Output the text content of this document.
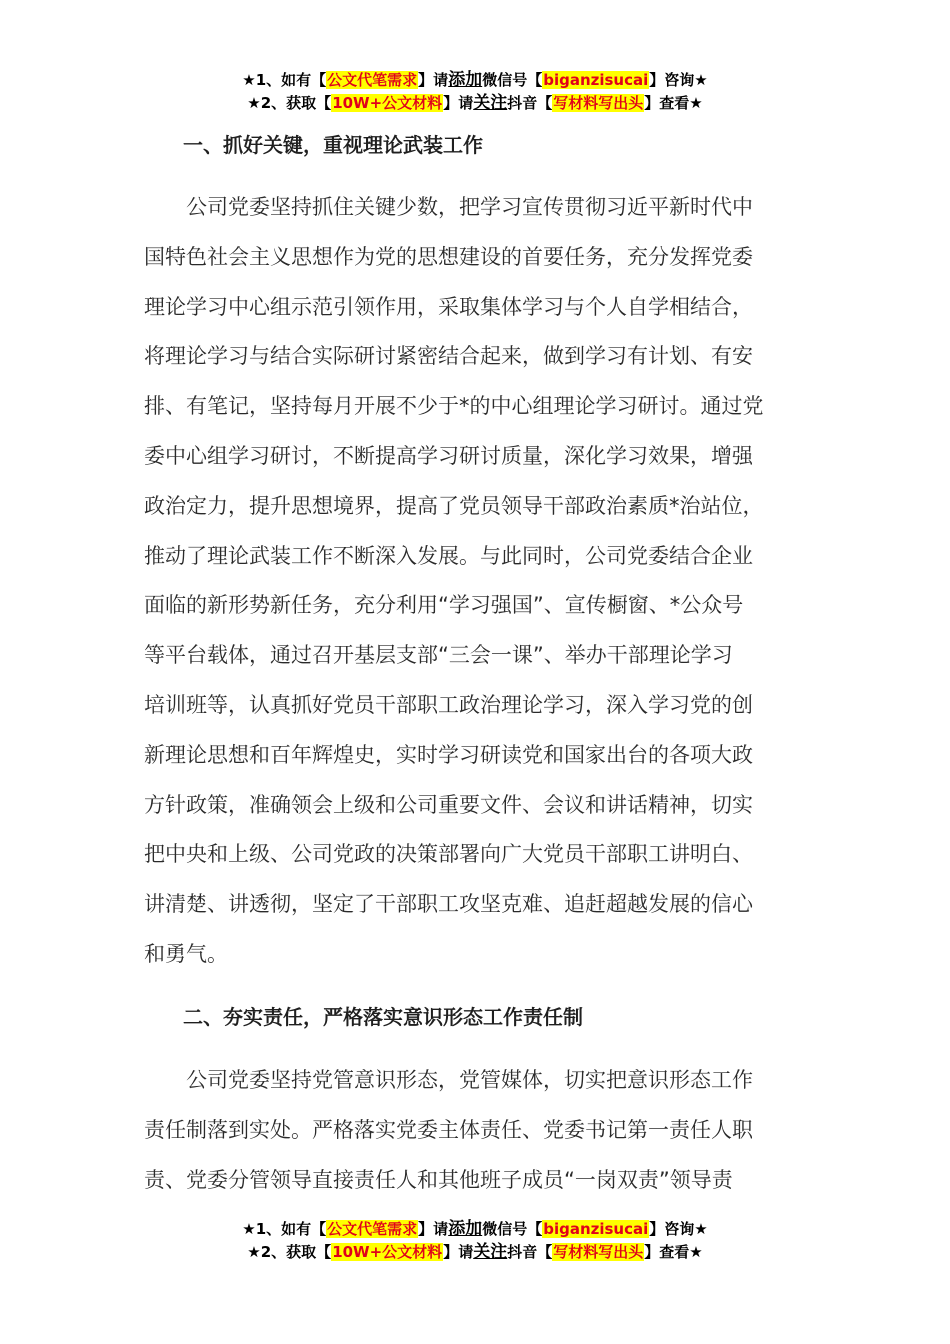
★1、如有【公文代笔需求】请添加微信号【biganzisucai】咨询★
★2、获取【10W+公文材料】请关注抖音【写材料写出头】查看★
一、抓好关键，重视理论武装工作
公司党委坚持抓住关键少数，把学习宣传贯彻习近平新时代中
国特色社会主义思想作为党的思想建设的首要任务，充分发挥党委
理论学习中心组示范引领作用，采取集体学习与个人自学相结合，
将理论学习与结合实际研讨紧密结合起来，做到学习有计划、有安
排、有笔记，坚持每月开展不少于*的中心组理论学习研讨。通过党
委中心组学习研讨，不断提高学习研讨质量，深化学习效果，增强
政治定力，提升思想境界，提高了党员领导干部政治素质*治站位，
推动了理论武装工作不断深入发展。与此同时，公司党委结合企业
面临的新形势新任务，充分利用“学习强国”、宣传橱窗、*公众号
等平台载体，通过召开基层支部“三会一课”、举办干部理论学习
培训班等，认真抓好党员干部职工政治理论学习，深入学习党的创
新理论思想和百年辉煌史，实时学习研读党和国家出台的各项大政
方针政策，准确领会上级和公司重要文件、会议和讲话精神，切实
把中央和上级、公司党政的决策部署向广大党员干部职工讲明白、
讲清楚、讲透彻，坚定了干部职工攻坚克难、追赶超越发展的信心
和勇气。
二、夯实责任，严格落实意识形态工作责任制
公司党委坚持党管意识形态，党管媒体，切实把意识形态工作
责任制落到实处。严格落实党委主体责任、党委书记第一责任人职
责、党委分管领导直接责任人和其他班子成员“一岗双责”领导责
★1、如有【公文代笔需求】请添加微信号【biganzisucai】咨询★
★2、获取【10W+公文材料】请关注抖音【写材料写出头】查看★
